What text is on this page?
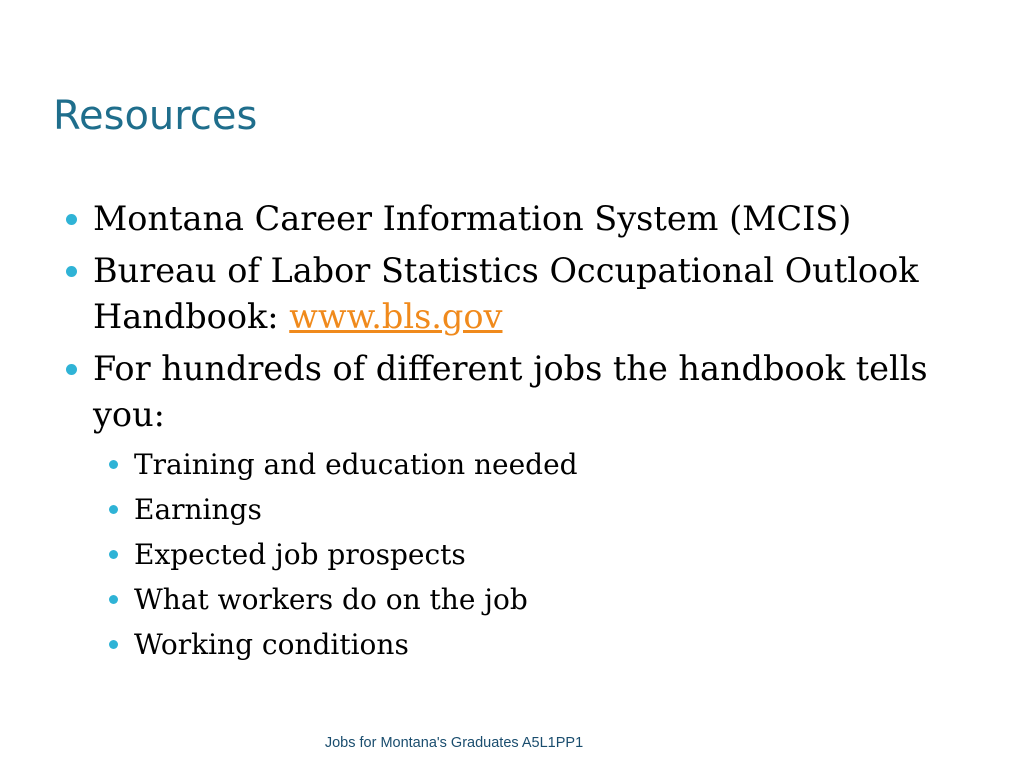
Resources
Montana Career Information System (MCIS)
Bureau of Labor Statistics Occupational Outlook Handbook: www.bls.gov
For hundreds of different jobs the handbook tells you:
Training and education needed
Earnings
Expected job prospects
What workers do on the job
Working conditions
Jobs for Montana's Graduates A5L1PP1
